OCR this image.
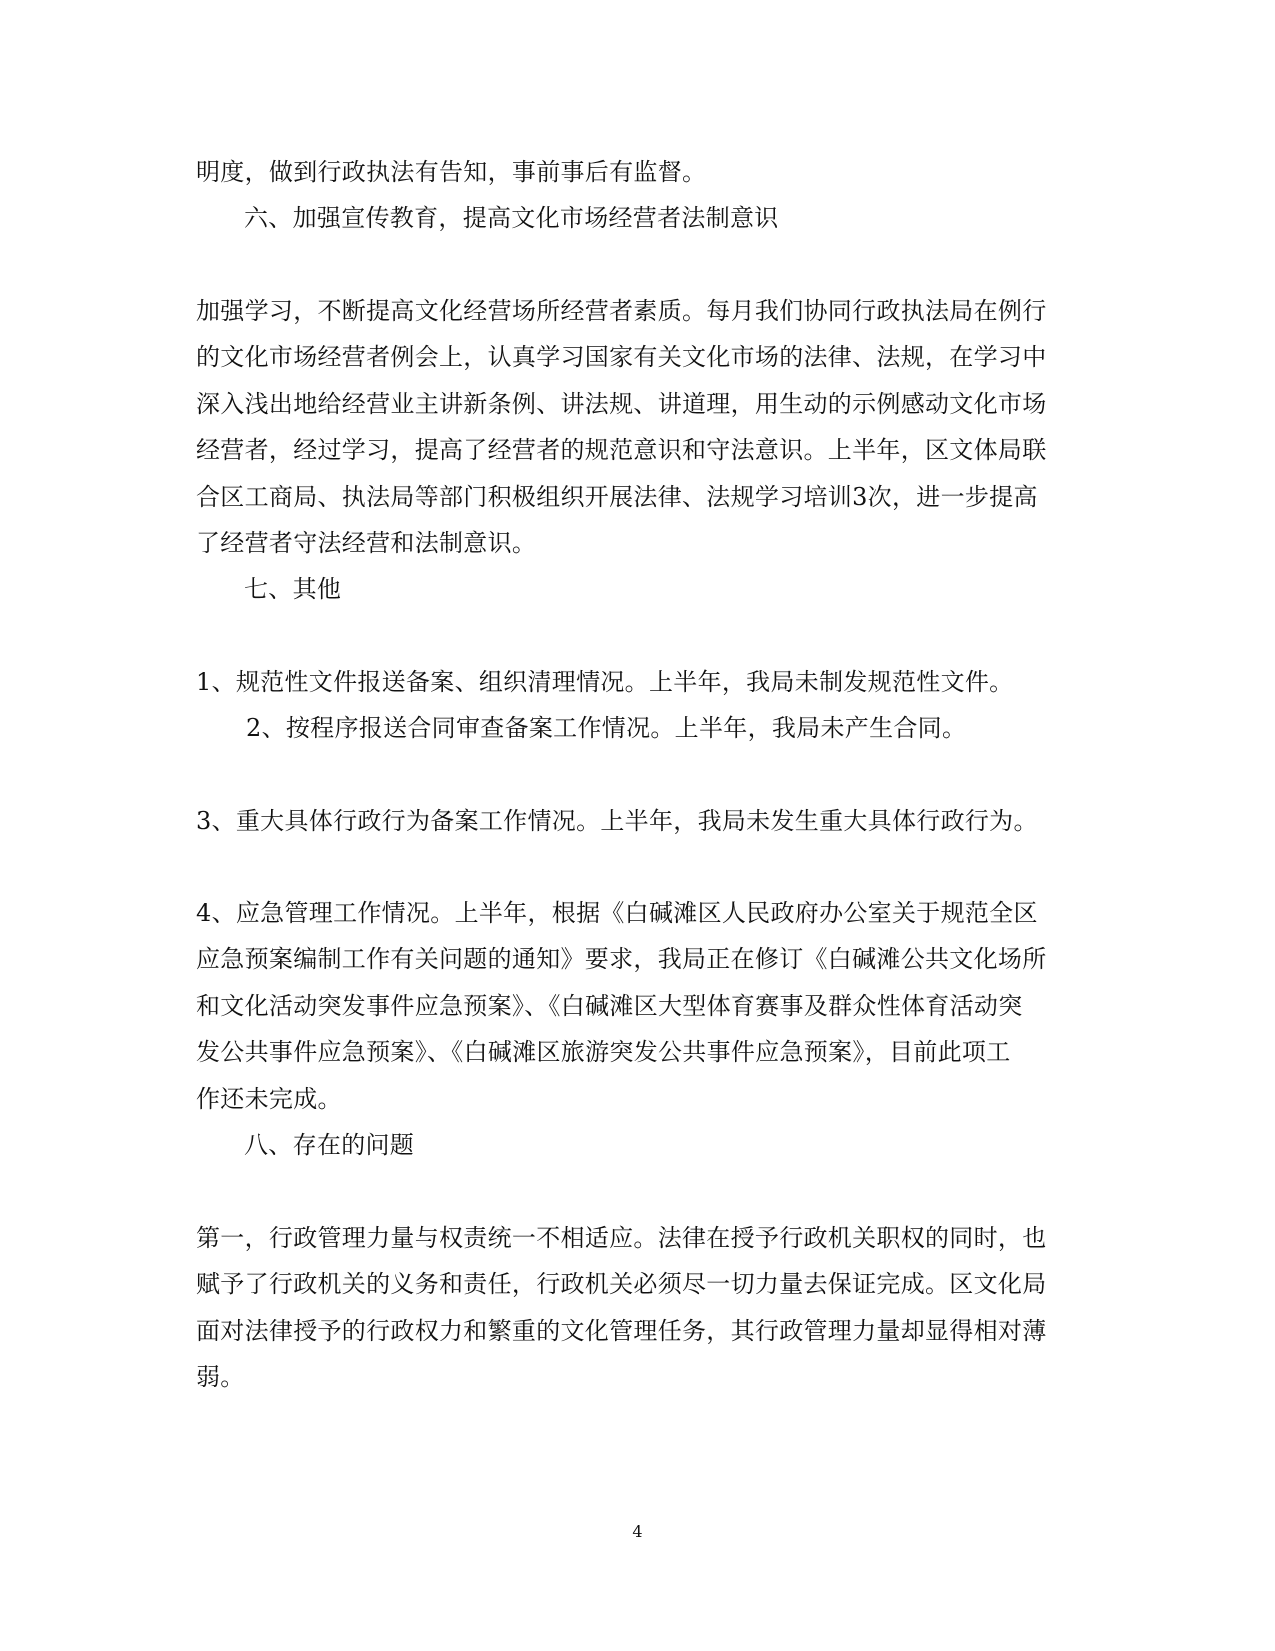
明度，做到行政执法有告知，事前事后有监督。
六、加强宣传教育，提高文化市场经营者法制意识
加强学习，不断提高文化经营场所经营者素质。每月我们协同行政执法局在例行
的文化市场经营者例会上，认真学习国家有关文化市场的法律、法规，在学习中
深入浅出地给经营业主讲新条例、讲法规、讲道理，用生动的示例感动文化市场
经营者，经过学习，提高了经营者的规范意识和守法意识。上半年，区文体局联
合区工商局、执法局等部门积极组织开展法律、法规学习培训3次，进一步提高
了经营者守法经营和法制意识。
七、其他
1、规范性文件报送备案、组织清理情况。上半年，我局未制发规范性文件。
2、按程序报送合同审查备案工作情况。上半年，我局未产生合同。
3、重大具体行政行为备案工作情况。上半年，我局未发生重大具体行政行为。
4、应急管理工作情况。上半年，根据《白碱滩区人民政府办公室关于规范全区
应急预案编制工作有关问题的通知》要求，我局正在修订《白碱滩公共文化场所
和文化活动突发事件应急预案》、《白碱滩区大型体育赛事及群众性体育活动突
发公共事件应急预案》、《白碱滩区旅游突发公共事件应急预案》，目前此项工
作还未完成。
八、存在的问题
第一，行政管理力量与权责统一不相适应。法律在授予行政机关职权的同时，也
赋予了行政机关的义务和责任，行政机关必须尽一切力量去保证完成。区文化局
面对法律授予的行政权力和繁重的文化管理任务，其行政管理力量却显得相对薄
弱。
4
